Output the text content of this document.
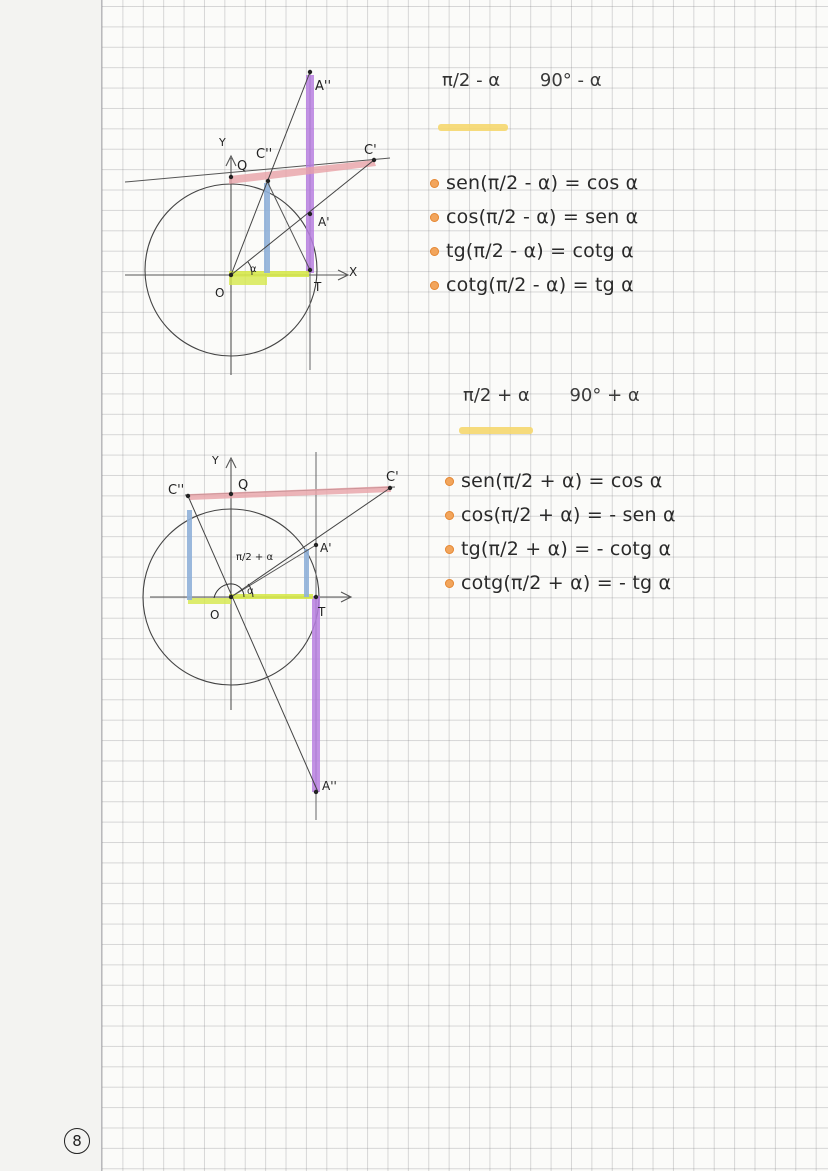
A''
Y
Q
C''	C'
A'
X
O	T
α
Y
C''	Q
C'
A'
π/2 + α
α
O	T
A''
π/2 - α 90° - α
sen(π/2 - α) = cos α
cos(π/2 - α) = sen α
tg(π/2 - α) = cotg α
cotg(π/2 - α) = tg α
π/2 + α 90° + α
sen(π/2 + α) = cos α
cos(π/2 + α) = - sen α
tg(π/2 + α) = - cotg α
cotg(π/2 + α) = - tg α
8
